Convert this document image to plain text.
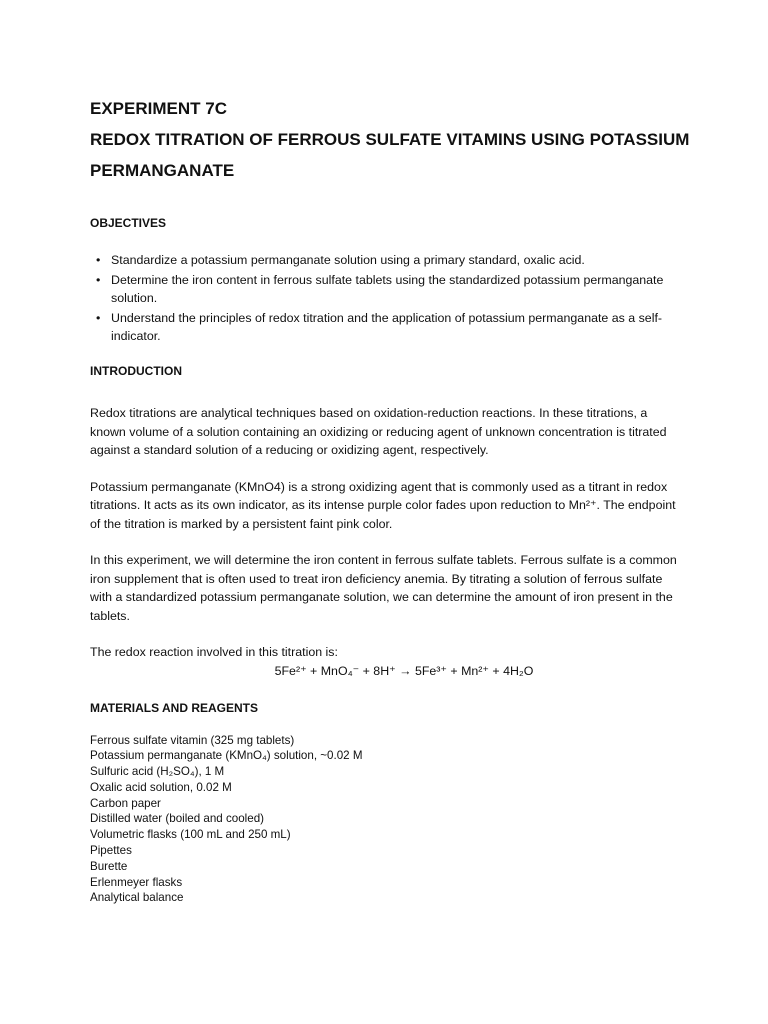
EXPERIMENT 7C
REDOX TITRATION OF FERROUS SULFATE VITAMINS USING POTASSIUM
PERMANGANATE
OBJECTIVES
• Standardize a potassium permanganate solution using a primary standard, oxalic acid.
• Determine the iron content in ferrous sulfate tablets using the standardized potassium permanganate solution.
• Understand the principles of redox titration and the application of potassium permanganate as a self-indicator.
INTRODUCTION

Redox titrations are analytical techniques based on oxidation-reduction reactions. In these titrations, a known volume of a solution containing an oxidizing or reducing agent of unknown concentration is titrated against a standard solution of a reducing or oxidizing agent, respectively.

Potassium permanganate (KMnO4) is a strong oxidizing agent that is commonly used as a titrant in redox titrations. It acts as its own indicator, as its intense purple color fades upon reduction to Mn²⁺. The endpoint of the titration is marked by a persistent faint pink color.

In this experiment, we will determine the iron content in ferrous sulfate tablets. Ferrous sulfate is a common iron supplement that is often used to treat iron deficiency anemia. By titrating a solution of ferrous sulfate with a standardized potassium permanganate solution, we can determine the amount of iron present in the tablets.

The redox reaction involved in this titration is:

5Fe²⁺ + MnO₄⁻ + 8H⁺ → 5Fe³⁺ + Mn²⁺ + 4H₂O

MATERIALS AND REAGENTS
Ferrous sulfate vitamin (325 mg tablets)
Potassium permanganate (KMnO₄) solution, ~0.02 M
Sulfuric acid (H₂SO₄), 1 M
Oxalic acid solution, 0.02 M
Carbon paper
Distilled water (boiled and cooled)
Volumetric flasks (100 mL and 250 mL)
Pipettes
Burette
Erlenmeyer flasks
Analytical balance
